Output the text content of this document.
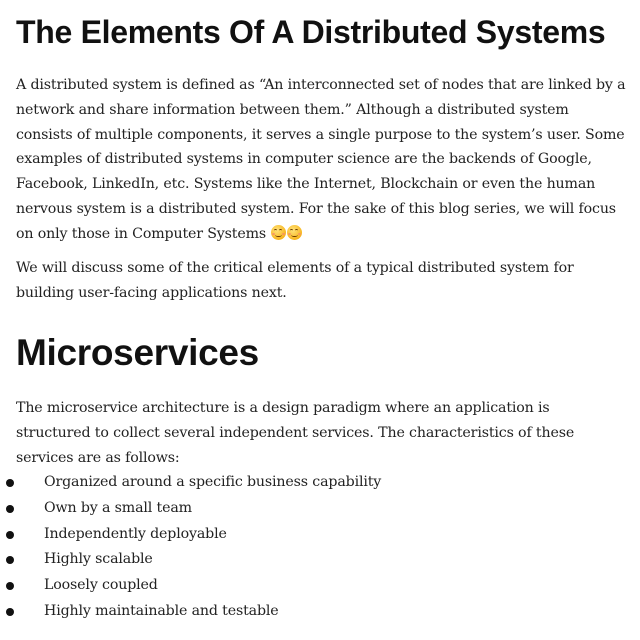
The Elements Of A Distributed Systems

A distributed system is defined as “An interconnected set of nodes that are linked by a network and share information between them.” Although a distributed system consists of multiple components, it serves a single purpose to the system’s user. Some examples of distributed systems in computer science are the backends of Google, Facebook, LinkedIn, etc. Systems like the Internet, Blockchain or even the human nervous system is a distributed system. For the sake of this blog series, we will focus on only those in Computer Systems

We will discuss some of the critical elements of a typical distributed system for building user-facing applications next.

Microservices

The microservice architecture is a design paradigm where an application is structured to collect several independent services. The characteristics of these services are as follows:

Organized around a specific business capability
Own by a small team
Independently deployable
Highly scalable
Loosely coupled
Highly maintainable and testable
